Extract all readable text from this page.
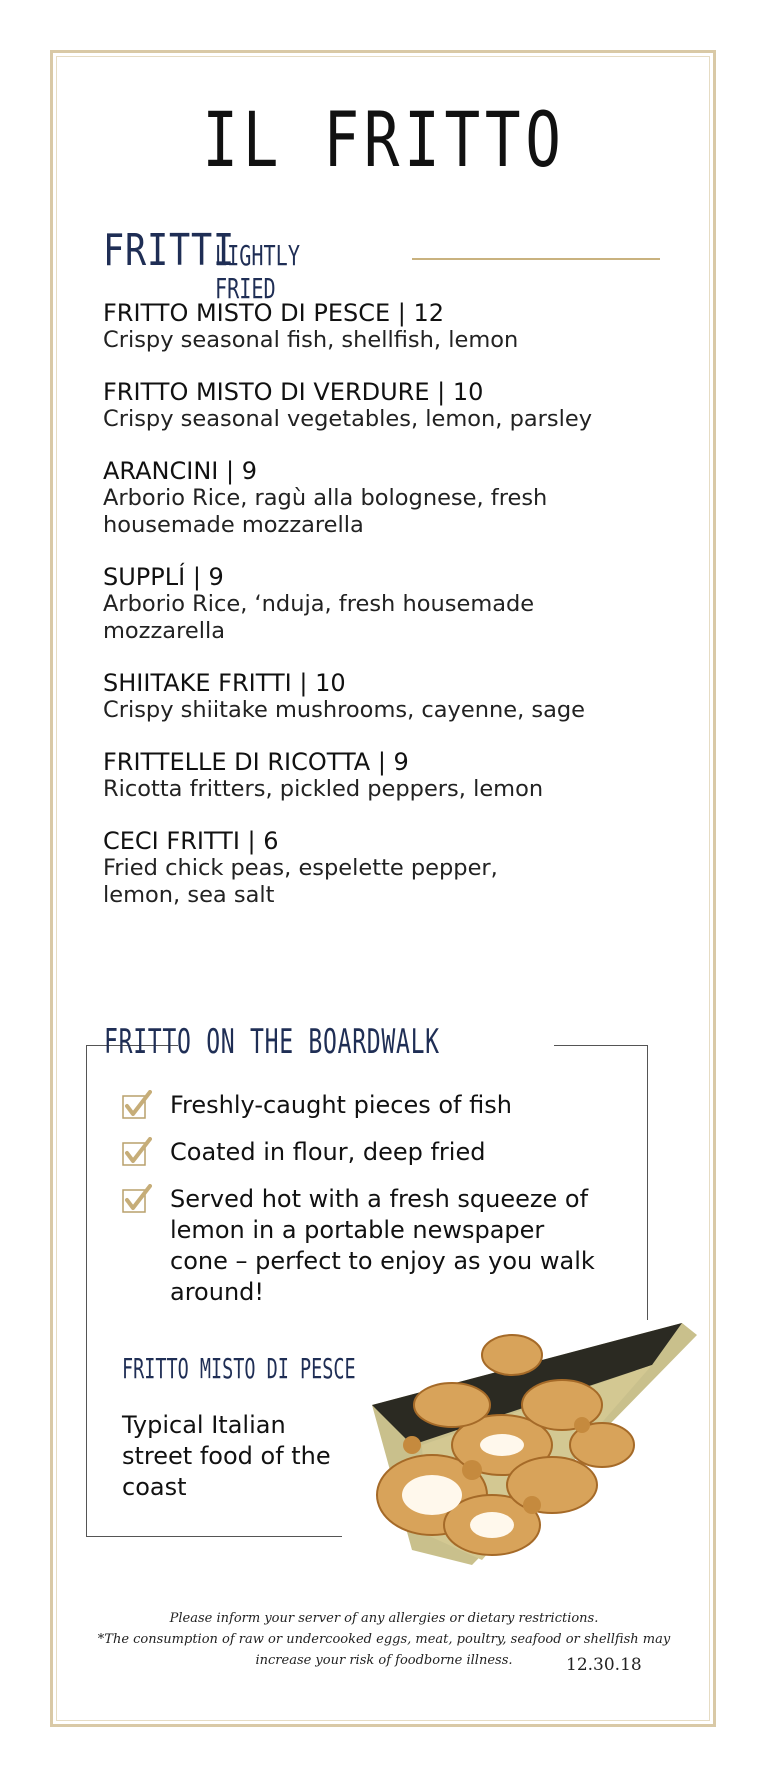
IL FRITTO
FRITTI
LIGHTLY FRIED
FRITTO MISTO DI PESCE | 12
Crispy seasonal fish, shellfish, lemon
FRITTO MISTO DI VERDURE | 10
Crispy seasonal vegetables, lemon, parsley
ARANCINI | 9
Arborio Rice, ragù alla bolognese, fresh housemade mozzarella
SUPPLÍ | 9
Arborio Rice, ‘nduja, fresh housemade mozzarella
SHIITAKE FRITTI | 10
Crispy shiitake mushrooms, cayenne, sage
FRITTELLE DI RICOTTA | 9
Ricotta fritters, pickled peppers, lemon
CECI FRITTI | 6
Fried chick peas, espelette pepper, lemon, sea salt
FRITTO ON THE BOARDWALK
Freshly-caught pieces of fish
Coated in flour, deep fried
Served hot with a fresh squeeze of lemon in a portable newspaper cone – perfect to enjoy as you walk around!
FRITTO MISTO DI PESCE
Typical Italian street food of the coast
Please inform your server of any allergies or dietary restrictions.
*The consumption of raw or undercooked eggs, meat, poultry, seafood or shellfish may
increase your risk of foodborne illness.	12.30.18
